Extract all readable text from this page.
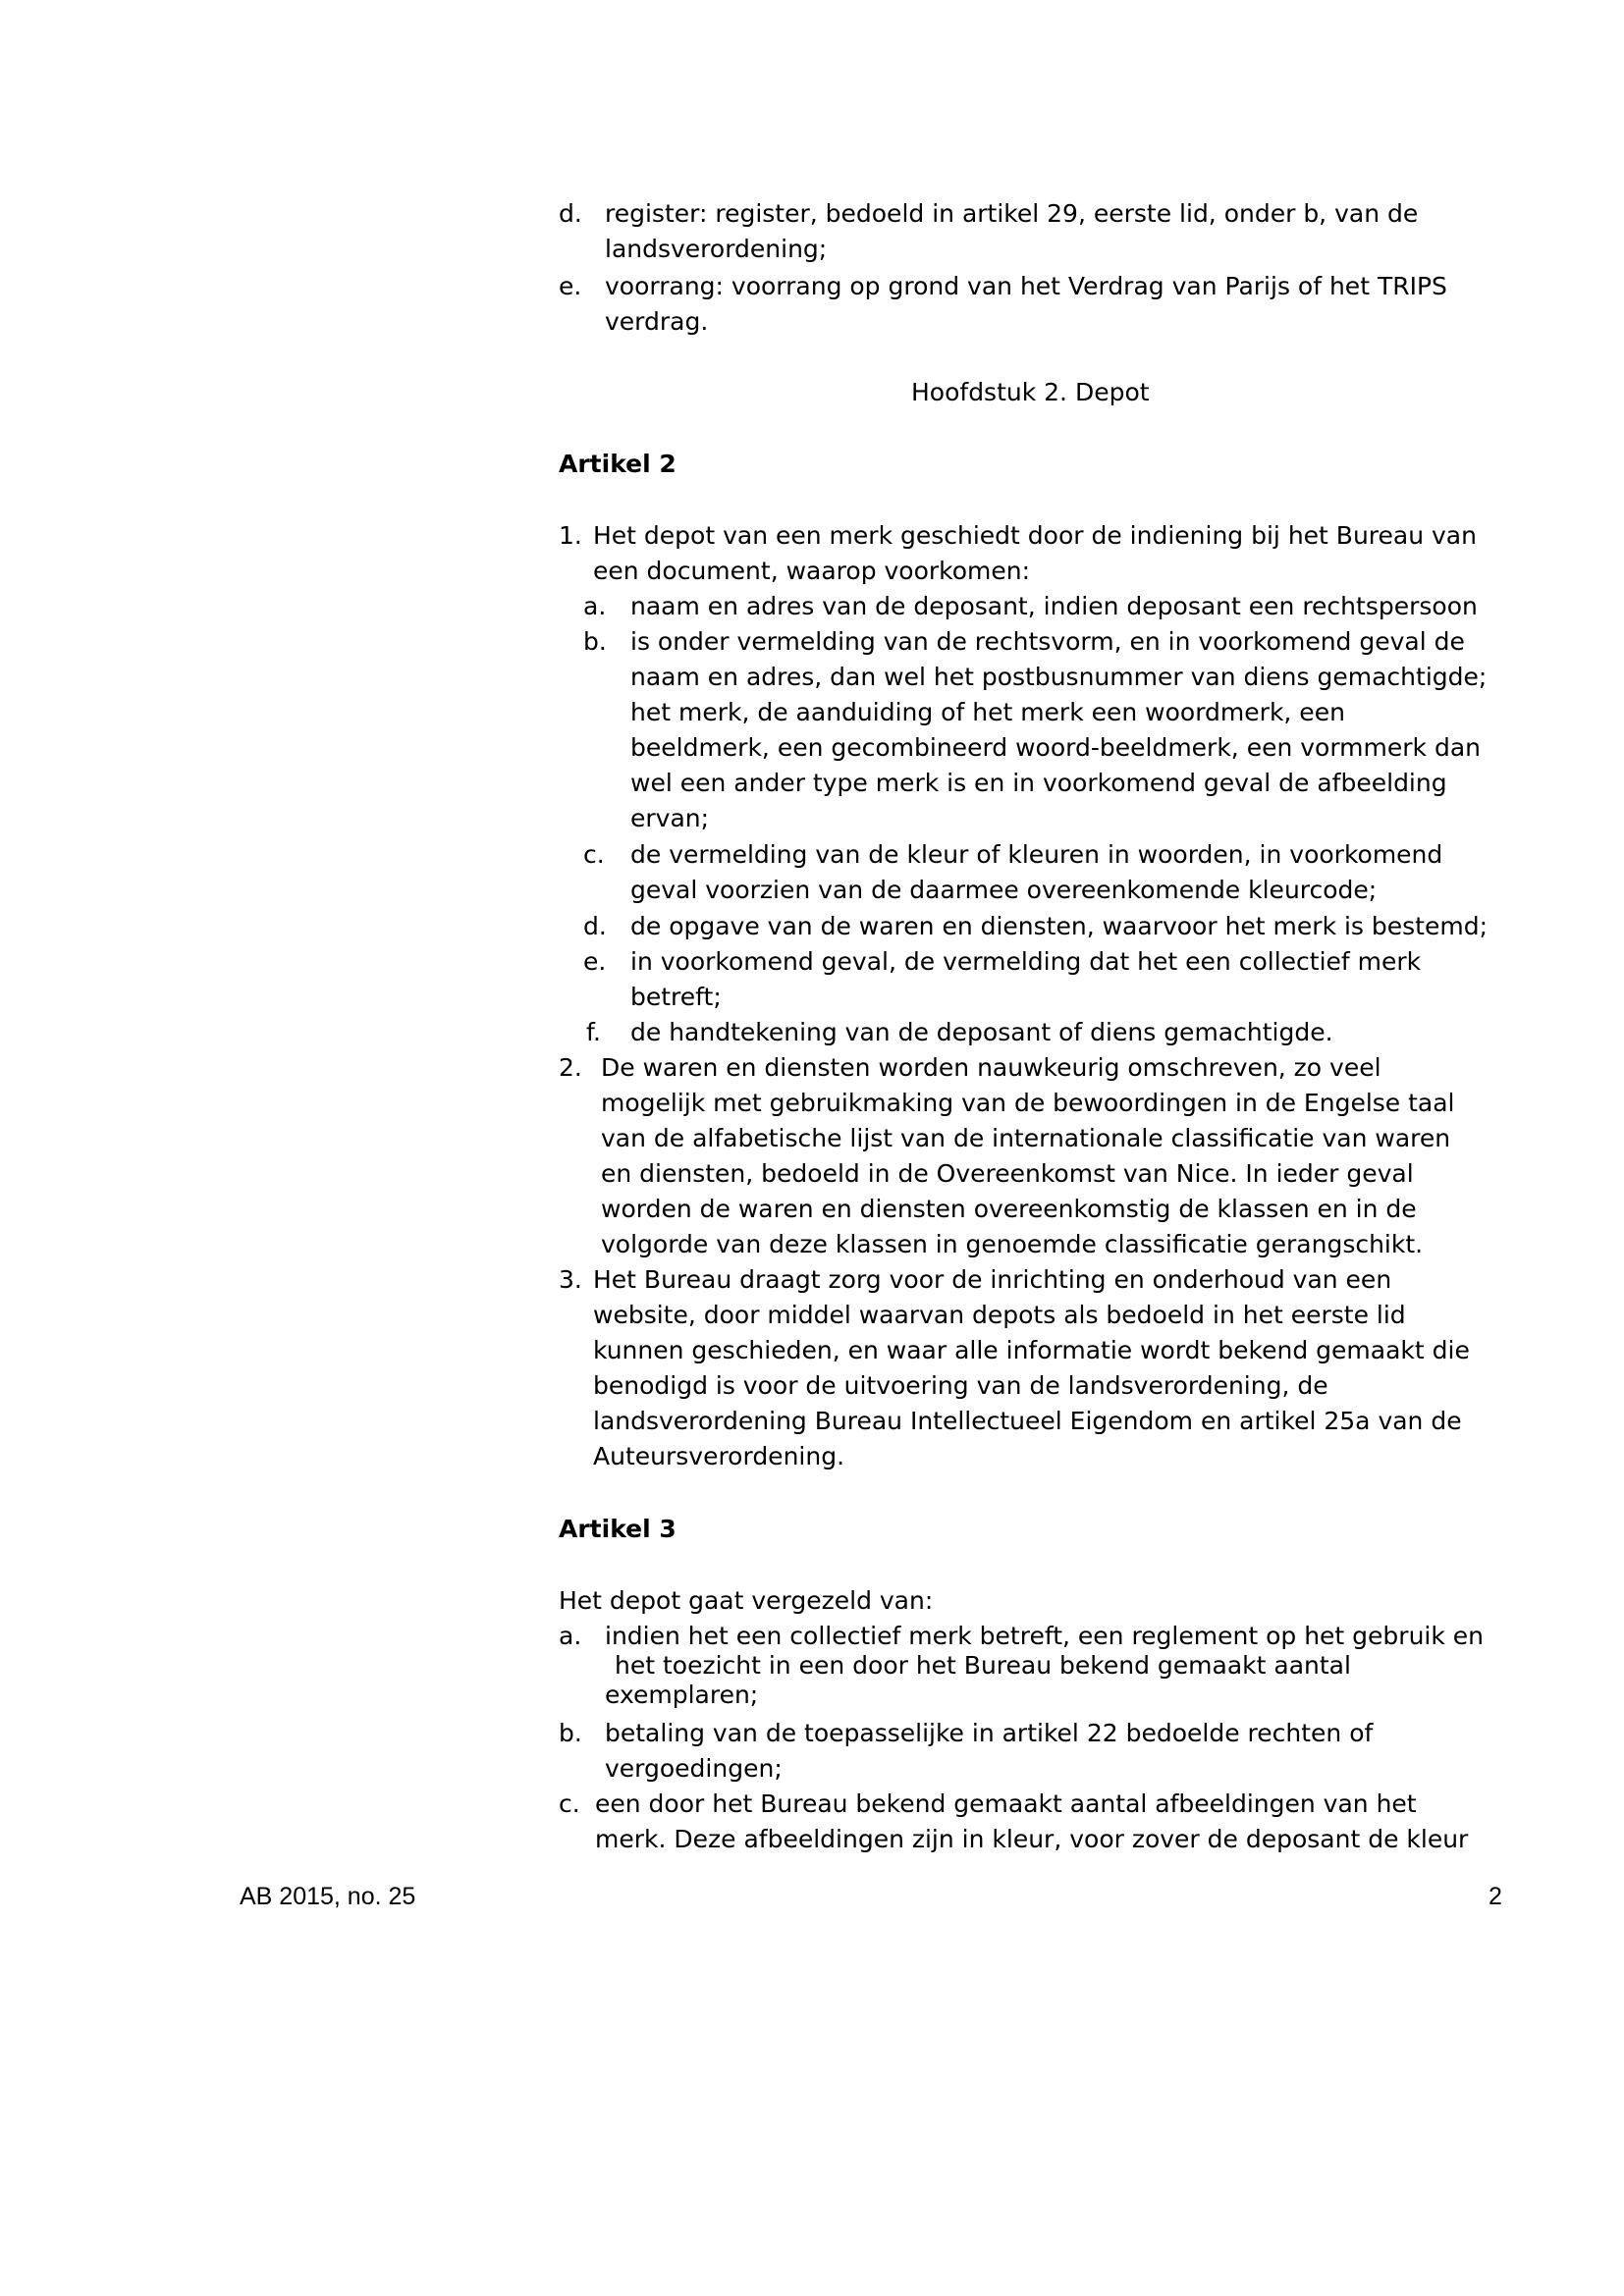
d. register: register, bedoeld in artikel 29, eerste lid, onder b, van de
landsverordening;
e. voorrang: voorrang op grond van het Verdrag van Parijs of het TRIPS
verdrag.
Hoofdstuk 2. Depot
Artikel 2
1. Het depot van een merk geschiedt door de indiening bij het Bureau van
een document, waarop voorkomen:
a. naam en adres van de deposant, indien deposant een rechtspersoon
b. is onder vermelding van de rechtsvorm, en in voorkomend geval de
naam en adres, dan wel het postbusnummer van diens gemachtigde;
het merk, de aanduiding of het merk een woordmerk, een
beeldmerk, een gecombineerd woord-beeldmerk, een vormmerk dan
wel een ander type merk is en in voorkomend geval de afbeelding
ervan;
c. de vermelding van de kleur of kleuren in woorden, in voorkomend
geval voorzien van de daarmee overeenkomende kleurcode;
d. de opgave van de waren en diensten, waarvoor het merk is bestemd;
e. in voorkomend geval, de vermelding dat het een collectief merk
betreft;
f. de handtekening van de deposant of diens gemachtigde.
2. De waren en diensten worden nauwkeurig omschreven, zo veel
mogelijk met gebruikmaking van de bewoordingen in de Engelse taal
van de alfabetische lijst van de internationale classificatie van waren
en diensten, bedoeld in de Overeenkomst van Nice. In ieder geval
worden de waren en diensten overeenkomstig de klassen en in de
volgorde van deze klassen in genoemde classificatie gerangschikt.
3. Het Bureau draagt zorg voor de inrichting en onderhoud van een
website, door middel waarvan depots als bedoeld in het eerste lid
kunnen geschieden, en waar alle informatie wordt bekend gemaakt die
benodigd is voor de uitvoering van de landsverordening, de
landsverordening Bureau Intellectueel Eigendom en artikel 25a van de
Auteursverordening.
Artikel 3
Het depot gaat vergezeld van:
a. indien het een collectief merk betreft, een reglement op het gebruik en
het toezicht in een door het Bureau bekend gemaakt aantal
exemplaren;
b. betaling van de toepasselijke in artikel 22 bedoelde rechten of
vergoedingen;
c. een door het Bureau bekend gemaakt aantal afbeeldingen van het
merk. Deze afbeeldingen zijn in kleur, voor zover de deposant de kleur
AB 2015, no. 25	2
